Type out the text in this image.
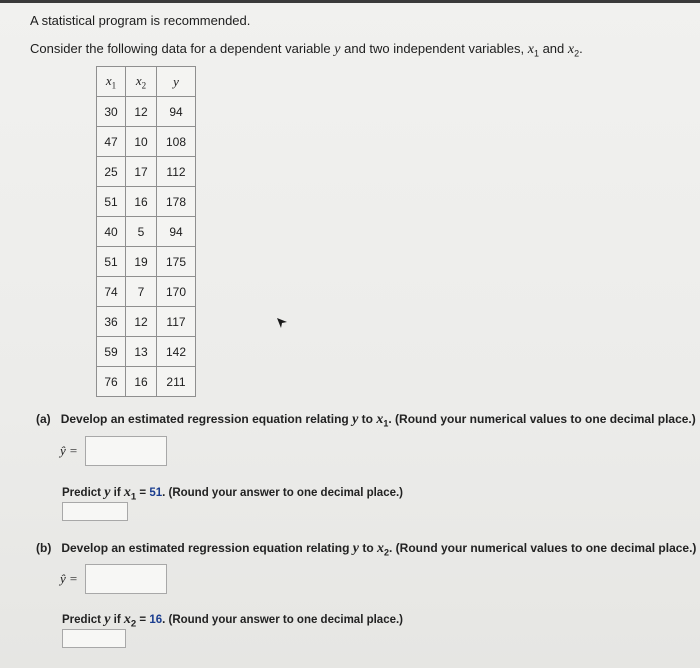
A statistical program is recommended.
Consider the following data for a dependent variable y and two independent variables, $x_1$ and $x_2$.
$x_1$	$x_2$	y
30	12	94
47	10	108
25	17	112
51	16	178
40	5	94
51	19	175
74	7	170
36	12	117
59	13	142
76	16	211
(a) Develop an estimated regression equation relating y to $x_1$. (Round your numerical values to one decimal place.)
ŷ =
Predict y if $x_1 = 51$. (Round your answer to one decimal place.)
(b) Develop an estimated regression equation relating y to $x_2$. (Round your numerical values to one decimal place.)
ŷ =
Predict y if $x_2 = 16$. (Round your answer to one decimal place.)
